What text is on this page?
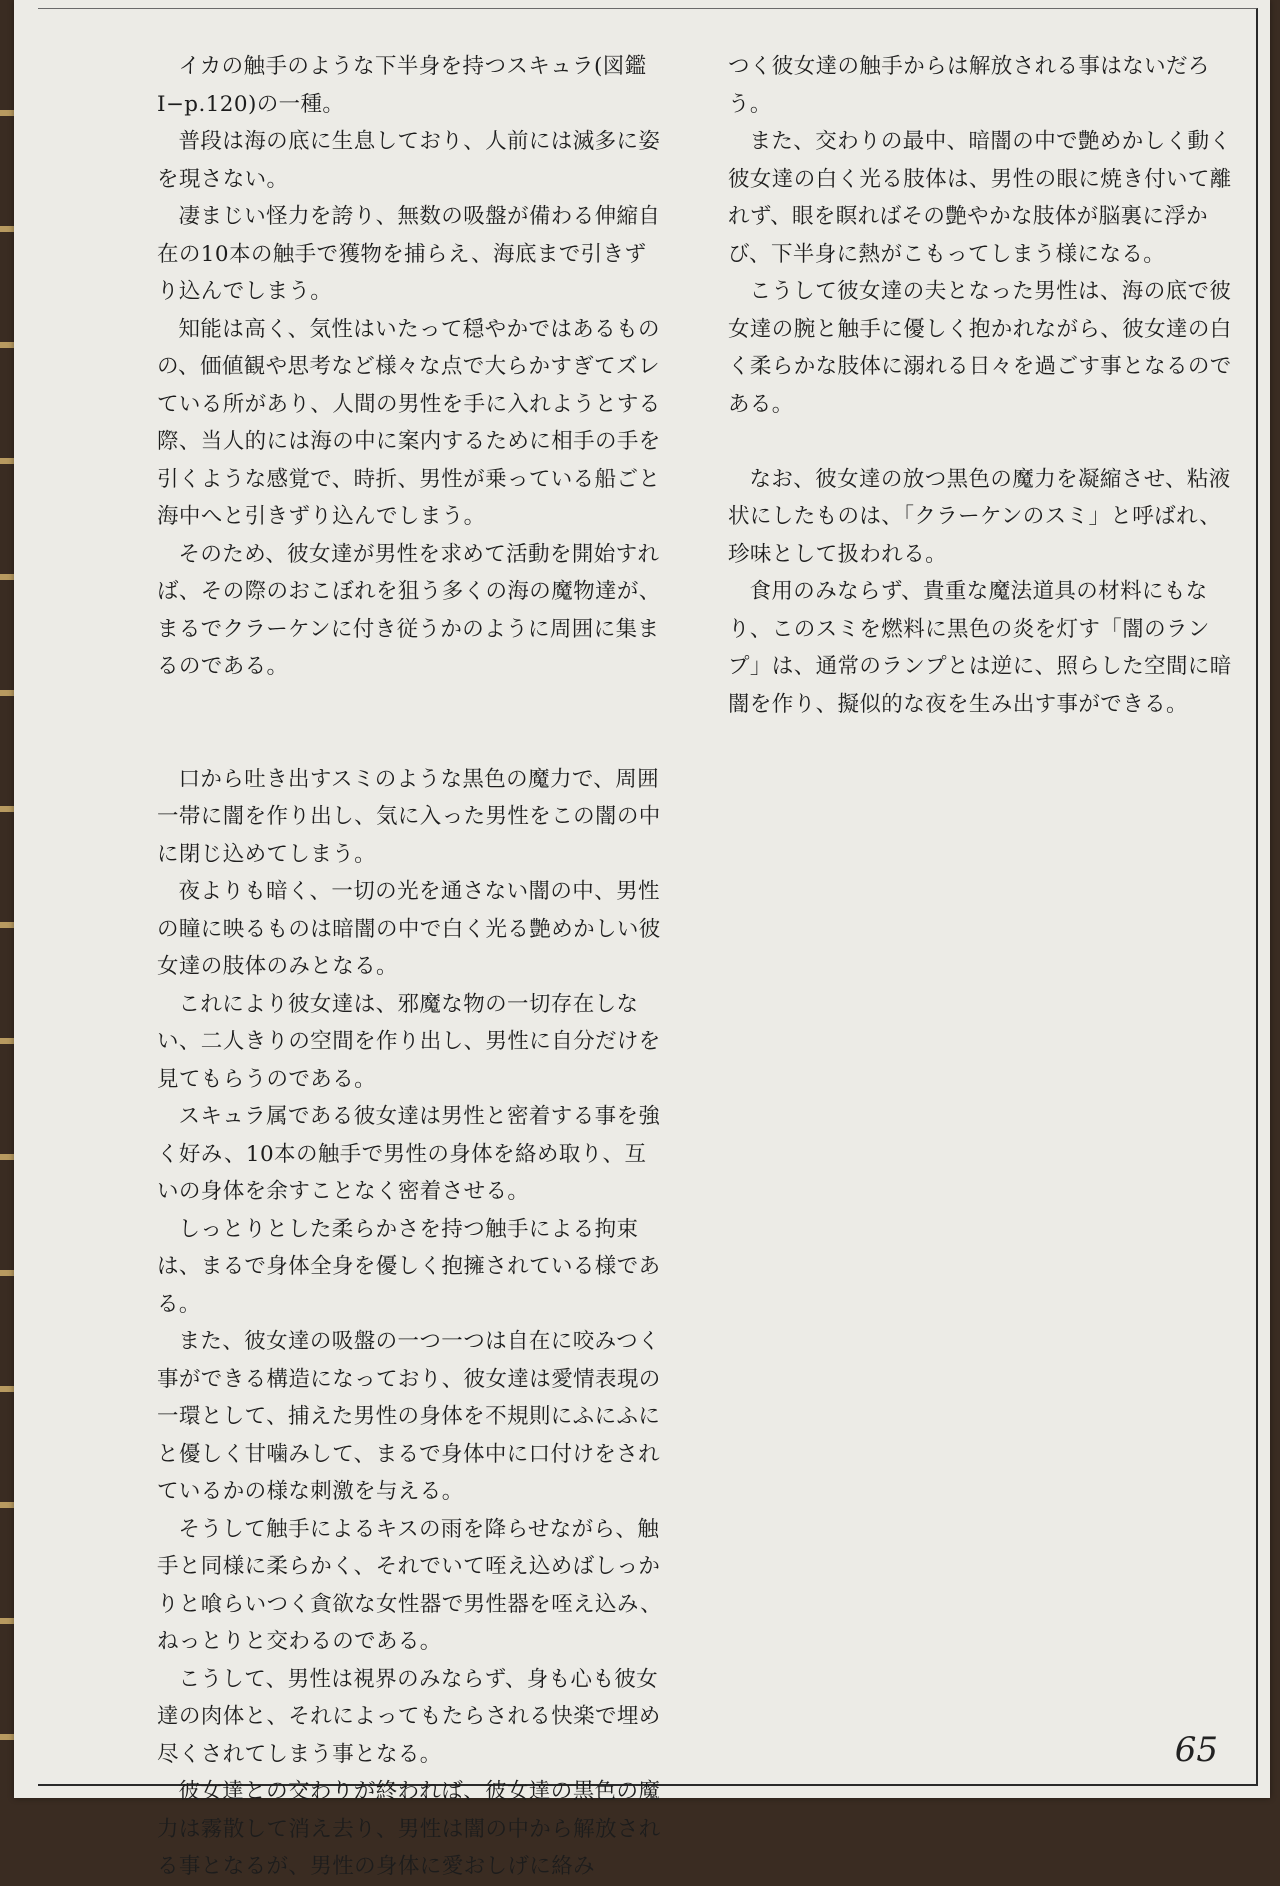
イカの触手のような下半身を持つスキュラ(図鑑Ⅰ−p.120)の一種。

普段は海の底に生息しており、人前には滅多に姿を現さない。

凄まじい怪力を誇り、無数の吸盤が備わる伸縮自在の10本の触手で獲物を捕らえ、海底まで引きずり込んでしまう。

知能は高く、気性はいたって穏やかではあるものの、価値観や思考など様々な点で大らかすぎてズレている所があり、人間の男性を手に入れようとする際、当人的には海の中に案内するために相手の手を引くような感覚で、時折、男性が乗っている船ごと海中へと引きずり込んでしまう。

そのため、彼女達が男性を求めて活動を開始すれば、その際のおこぼれを狙う多くの海の魔物達が、まるでクラーケンに付き従うかのように周囲に集まるのである。

口から吐き出すスミのような黒色の魔力で、周囲一帯に闇を作り出し、気に入った男性をこの闇の中に閉じ込めてしまう。

夜よりも暗く、一切の光を通さない闇の中、男性の瞳に映るものは暗闇の中で白く光る艶めかしい彼女達の肢体のみとなる。

これにより彼女達は、邪魔な物の一切存在しない、二人きりの空間を作り出し、男性に自分だけを見てもらうのである。

スキュラ属である彼女達は男性と密着する事を強く好み、10本の触手で男性の身体を絡め取り、互いの身体を余すことなく密着させる。

しっとりとした柔らかさを持つ触手による拘束は、まるで身体全身を優しく抱擁されている様である。

また、彼女達の吸盤の一つ一つは自在に咬みつく事ができる構造になっており、彼女達は愛情表現の一環として、捕えた男性の身体を不規則にふにふにと優しく甘噛みして、まるで身体中に口付けをされているかの様な刺激を与える。

そうして触手によるキスの雨を降らせながら、触手と同様に柔らかく、それでいて咥え込めばしっかりと喰らいつく貪欲な女性器で男性器を咥え込み、ねっとりと交わるのである。

こうして、男性は視界のみならず、身も心も彼女達の肉体と、それによってもたらされる快楽で埋め尽くされてしまう事となる。

彼女達との交わりが終われば、彼女達の黒色の魔力は霧散して消え去り、男性は闇の中から解放される事となるが、男性の身体に愛おしげに絡み

つく彼女達の触手からは解放される事はないだろう。

また、交わりの最中、暗闇の中で艶めかしく動く彼女達の白く光る肢体は、男性の眼に焼き付いて離れず、眼を瞑ればその艶やかな肢体が脳裏に浮かび、下半身に熱がこもってしまう様になる。

こうして彼女達の夫となった男性は、海の底で彼女達の腕と触手に優しく抱かれながら、彼女達の白く柔らかな肢体に溺れる日々を過ごす事となるのである。

なお、彼女達の放つ黒色の魔力を凝縮させ、粘液状にしたものは、「クラーケンのスミ」と呼ばれ、珍味として扱われる。

食用のみならず、貴重な魔法道具の材料にもなり、このスミを燃料に黒色の炎を灯す「闇のランプ」は、通常のランプとは逆に、照らした空間に暗闇を作り、擬似的な夜を生み出す事ができる。

65
